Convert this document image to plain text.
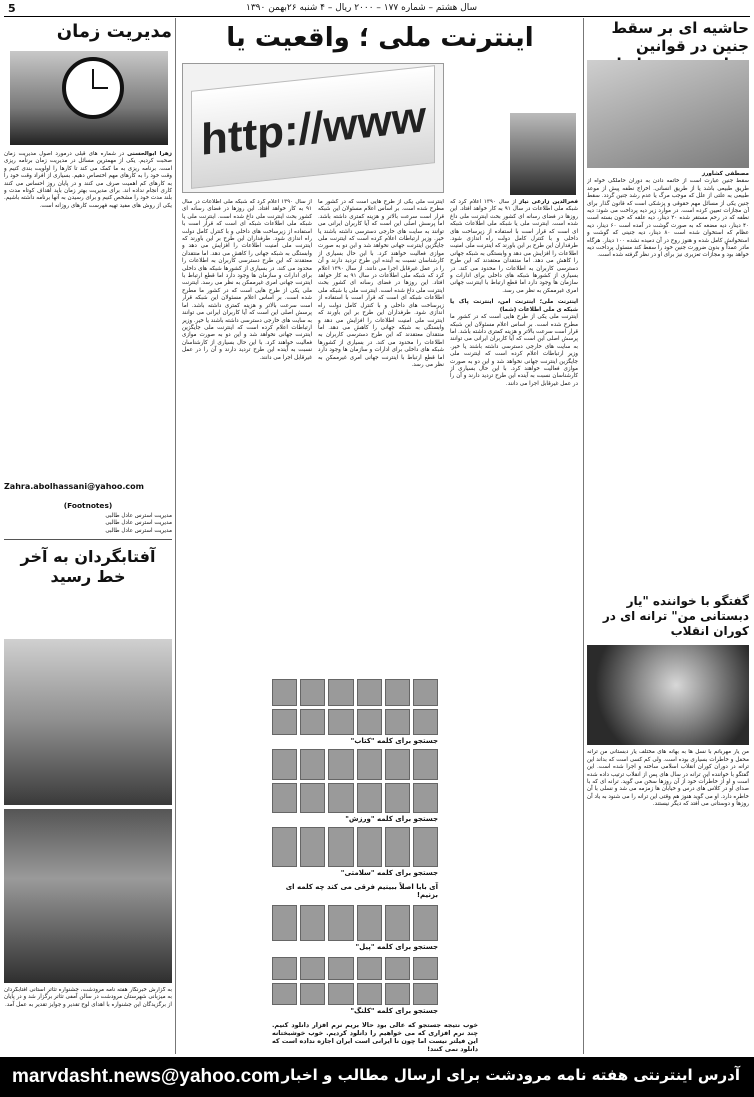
5	سال هشتم – شماره ۱۷۷ – ۲۰۰۰ ریال – ۴ شنبه ۲۶بهمن ۱۳۹۰
حاشیه ای بر سقط جنین در قوانین
مصطفی کشاورز
سقط جنین عبارت است از خاتمه دادن به دوران حاملگی خواه از طریق طبیعی باشد یا از طریق انسانی. اخراج نطفه پیش از موعد طبیعی به علتی از علل که موجب مرگ یا عدم رشد جنین گردد. سقط جنین یکی از مسائل مهم حقوقی و پزشکی است که قانون گذار برای آن مجازات تعیین کرده است. در موارد زیر دیه پرداخت می شود: دیه نطفه که در رحم مستقر شده ۲۰ دینار، دیه علقه که خون بسته است ۴۰ دینار، دیه مضغه که به صورت گوشت در آمده است ۶۰ دینار، دیه عظام که استخوان شده است ۸۰ دینار، دیه جنینی که گوشت و استخوانش کامل شده و هنوز روح در آن دمیده نشده ۱۰۰ دینار. هرگاه مادر عمداً و بدون ضرورت جنین خود را سقط کند مسئول پرداخت دیه خواهد بود و مجازات تعزیری نیز برای او در نظر گرفته شده است.
گفتگو با خواننده "یار دبستانی من" ترانه ای در کوران انقلاب
من یار مهربانم با نسل ها به بهانه های مختلف یار دبستانی من ترانه محفل و خاطرات بسیاری بوده است. ولی کم کسی است که بداند این ترانه در دوران کوران انقلاب اسلامی ساخته و اجرا شده است. این گفتگو با خواننده این ترانه در سال های پس از انقلاب ترتیب داده شده است و او از خاطرات خود از آن روزها سخن می گوید. ترانه ای که با صدای او در کلاس های درس و خیابان ها زمزمه می شد و نسلی با آن خاطره دارد. او می گوید هنوز هم وقتی این ترانه را می شنود به یاد آن روزها و دوستانی می افتد که دیگر نیستند.
اینترنت ملی ؛ واقعیت یا
http://www
فخرالدین زارعی نیاز از سال ۱۳۹۰ اعلام کرد که شبکه ملی اطلاعات در سال ۹۱ به کار خواهد افتاد. این روزها در فضای رسانه ای کشور بحث اینترنت ملی داغ شده است. اینترنت ملی یا شبکه ملی اطلاعات شبکه ای است که قرار است با استفاده از زیرساخت های داخلی و با کنترل کامل دولت راه اندازی شود. طرفداران این طرح بر این باورند که اینترنت ملی امنیت اطلاعات را افزایش می دهد و وابستگی به شبکه جهانی را کاهش می دهد. اما منتقدان معتقدند که این طرح دسترسی کاربران به اطلاعات را محدود می کند. در بسیاری از کشورها شبکه های داخلی برای ادارات و سازمان ها وجود دارد اما قطع ارتباط با اینترنت جهانی امری غیرممکن به نظر می رسد.
اینترنت ملی؛ اینترنت امن، اینترنت پاک یا شبکه ی ملی اطلاعات (شما)
اینترنت ملی یکی از طرح هایی است که در کشور ما مطرح شده است. بر اساس اعلام مسئولان این شبکه قرار است سرعت بالاتر و هزینه کمتری داشته باشد. اما پرسش اصلی این است که آیا کاربران ایرانی می توانند به سایت های خارجی دسترسی داشته باشند یا خیر. وزیر ارتباطات اعلام کرده است که اینترنت ملی جایگزین اینترنت جهانی نخواهد شد و این دو به صورت موازی فعالیت خواهند کرد. با این حال بسیاری از کارشناسان نسبت به آینده این طرح تردید دارند و آن را در عمل غیرقابل اجرا می دانند.
اینترنت ملی یکی از طرح هایی است که در کشور ما مطرح شده است. بر اساس اعلام مسئولان این شبکه قرار است سرعت بالاتر و هزینه کمتری داشته باشد. اما پرسش اصلی این است که آیا کاربران ایرانی می توانند به سایت های خارجی دسترسی داشته باشند یا خیر. وزیر ارتباطات اعلام کرده است که اینترنت ملی جایگزین اینترنت جهانی نخواهد شد و این دو به صورت موازی فعالیت خواهند کرد. با این حال بسیاری از کارشناسان نسبت به آینده این طرح تردید دارند و آن را در عمل غیرقابل اجرا می دانند. از سال ۱۳۹۰ اعلام کرد که شبکه ملی اطلاعات در سال ۹۱ به کار خواهد افتاد. این روزها در فضای رسانه ای کشور بحث اینترنت ملی داغ شده است. اینترنت ملی یا شبکه ملی اطلاعات شبکه ای است که قرار است با استفاده از زیرساخت های داخلی و با کنترل کامل دولت راه اندازی شود. طرفداران این طرح بر این باورند که اینترنت ملی امنیت اطلاعات را افزایش می دهد و وابستگی به شبکه جهانی را کاهش می دهد. اما منتقدان معتقدند که این طرح دسترسی کاربران به اطلاعات را محدود می کند. در بسیاری از کشورها شبکه های داخلی برای ادارات و سازمان ها وجود دارد اما قطع ارتباط با اینترنت جهانی امری غیرممکن به نظر می رسد.
از سال ۱۳۹۰ اعلام کرد که شبکه ملی اطلاعات در سال ۹۱ به کار خواهد افتاد. این روزها در فضای رسانه ای کشور بحث اینترنت ملی داغ شده است. اینترنت ملی یا شبکه ملی اطلاعات شبکه ای است که قرار است با استفاده از زیرساخت های داخلی و با کنترل کامل دولت راه اندازی شود. طرفداران این طرح بر این باورند که اینترنت ملی امنیت اطلاعات را افزایش می دهد و وابستگی به شبکه جهانی را کاهش می دهد. اما منتقدان معتقدند که این طرح دسترسی کاربران به اطلاعات را محدود می کند. در بسیاری از کشورها شبکه های داخلی برای ادارات و سازمان ها وجود دارد اما قطع ارتباط با اینترنت جهانی امری غیرممکن به نظر می رسد. اینترنت ملی یکی از طرح هایی است که در کشور ما مطرح شده است. بر اساس اعلام مسئولان این شبکه قرار است سرعت بالاتر و هزینه کمتری داشته باشد. اما پرسش اصلی این است که آیا کاربران ایرانی می توانند به سایت های خارجی دسترسی داشته باشند یا خیر. وزیر ارتباطات اعلام کرده است که اینترنت ملی جایگزین اینترنت جهانی نخواهد شد و این دو به صورت موازی فعالیت خواهند کرد. با این حال بسیاری از کارشناسان نسبت به آینده این طرح تردید دارند و آن را در عمل غیرقابل اجرا می دانند.
جستجو برای کلمه "کتاب"
جستجو برای کلمه "ورزش"
جستجو برای کلمه "سلامتی"
آی بابا اصلاً ببینیم فرقی می کند چه کلمه ای بزنیم!
جستجو برای کلمه "پیل"
جستجو برای کلمه "کلنگ"
خوب نتیجه جستجو که عالی بود حالا بریم نرم افزار دانلود کنیم. چند نرم افزاری که می خواهیم را دانلود کردیم. خوب خوشبختانه این فیلتر نیست اما چون نا ایرانی است ایران اجازه نداده است که دانلود نمی کنند!
مدیریت زمان
زهرا ابوالحسنی در شماره های قبلی درمورد اصول مدیریت زمان صحبت کردیم. یکی از مهمترین مسائل در مدیریت زمان برنامه ریزی است. برنامه ریزی به ما کمک می کند تا کارها را اولویت بندی کنیم و وقت خود را به کارهای مهم اختصاص دهیم. بسیاری از افراد وقت خود را به کارهای کم اهمیت صرف می کنند و در پایان روز احساس می کنند کاری انجام نداده اند. برای مدیریت بهتر زمان باید اهداف کوتاه مدت و بلند مدت خود را مشخص کنیم و برای رسیدن به آنها برنامه داشته باشیم. یکی از روش های مفید تهیه فهرست کارهای روزانه است.
Zahra.abolhassani@yahoo.com
(Footnotes)
مدیریت استرس عادل طالبی
مدیریت استرس عادل طالبی
مدیریت استرس عادل طالبی
آفتابگردان به آخر خط رسید
به گزارش خبرنگار هفته نامه مرودشت، جشنواره تئاتر استانی آفتابگردان به میزبانی شهرستان مرودشت در سالن آمفی تئاتر برگزار شد و در پایان از برگزیدگان این جشنواره با اهدای لوح تقدیر و جوایز تقدیر به عمل آمد.
marvdasht.news@yahoo.com آدرس اینترنتی هفته نامه مرودشت برای ارسال مطالب و اخبار
